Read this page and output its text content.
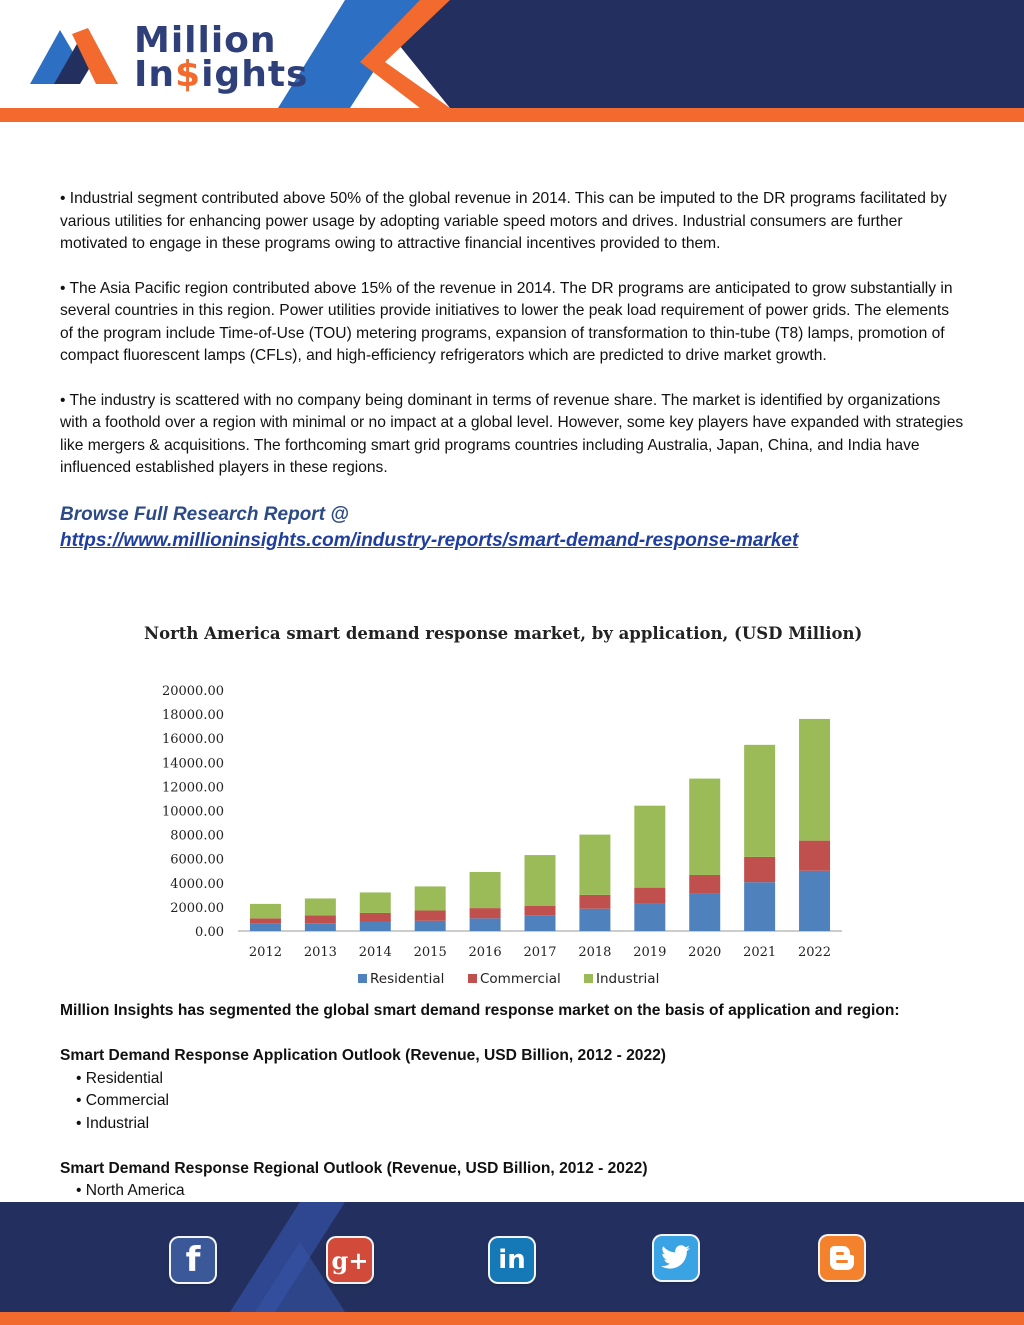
Million
In$ights

• Industrial segment contributed above 50% of the global revenue in 2014. This can be imputed to the DR programs facilitated by various utilities for enhancing power usage by adopting variable speed motors and drives. Industrial consumers are further motivated to engage in these programs owing to attractive financial incentives provided to them.

• The Asia Pacific region contributed above 15% of the revenue in 2014. The DR programs are anticipated to grow substantially in several countries in this region. Power utilities provide initiatives to lower the peak load requirement of power grids. The elements of the program include Time-of-Use (TOU) metering programs, expansion of transformation to thin-tube (T8) lamps, promotion of compact fluorescent lamps (CFLs), and high-efficiency refrigerators which are predicted to drive market growth.

• The industry is scattered with no company being dominant in terms of revenue share. The market is identified by organizations with a foothold over a region with minimal or no impact at a global level. However, some key players have expanded with strategies like mergers & acquisitions. The forthcoming smart grid programs countries including Australia, Japan, China, and India have influenced established players in these regions.

Browse Full Research Report @
https://www.millioninsights.com/industry-reports/smart-demand-response-market
North America smart demand response market, by application, (USD Million)
0.00
2000.00
4000.00
6000.00
8000.00
10000.00
12000.00
14000.00
16000.00
18000.00
20000.00
2012 2013 2014 2015 2016 2017 2018 2019 2020 2021 2022
Residential	Commercial	Industrial
Million Insights has segmented the global smart demand response market on the basis of application and region:
Smart Demand Response Application Outlook (Revenue, USD Billion, 2012 - 2022)
• Residential
• Commercial
• Industrial
Smart Demand Response Regional Outlook (Revenue, USD Billion, 2012 - 2022)
• North America
f	g+	in
